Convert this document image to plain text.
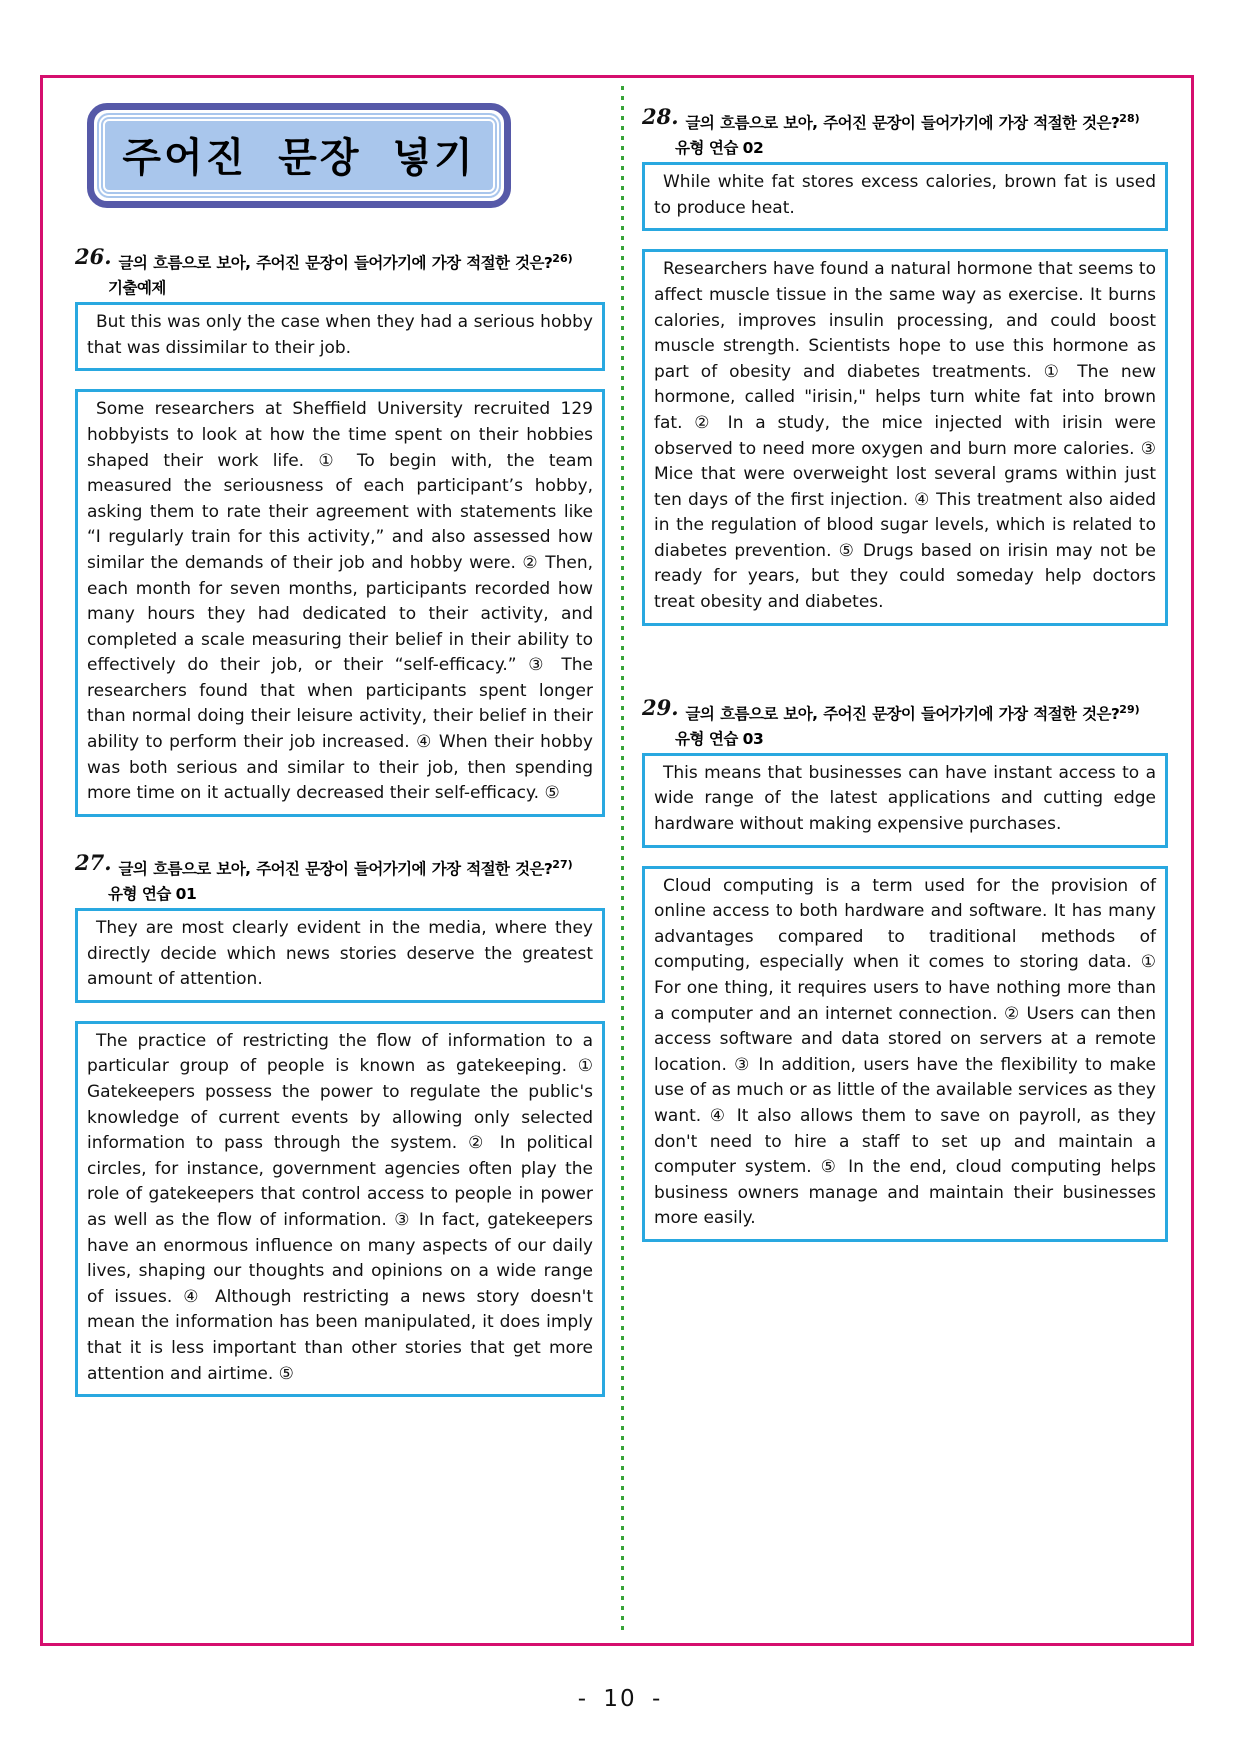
주어진 문장 넣기
26. 글의 흐름으로 보아, 주어진 문장이 들어가기에 가장 적절한 것은?$^{26)}$
기출예제

But this was only the case when they had a serious hobby that was dissimilar to their job.

Some researchers at Sheffield University recruited 129 hobbyists to look at how the time spent on their hobbies shaped their work life. ① To begin with, the team measured the seriousness of each participant’s hobby, asking them to rate their agreement with statements like “I regularly train for this activity,” and also assessed how similar the demands of their job and hobby were. ② Then, each month for seven months, participants recorded how many hours they had dedicated to their activity, and completed a scale measuring their belief in their ability to effectively do their job, or their “self-efficacy.” ③ The researchers found that when participants spent longer than normal doing their leisure activity, their belief in their ability to perform their job increased. ④ When their hobby was both serious and similar to their job, then spending more time on it actually decreased their self-efficacy. ⑤

27. 글의 흐름으로 보아, 주어진 문장이 들어가기에 가장 적절한 것은?$^{27)}$
유형 연습 01

They are most clearly evident in the media, where they directly decide which news stories deserve the greatest amount of attention.

The practice of restricting the flow of information to a particular group of people is known as gatekeeping. ① Gatekeepers possess the power to regulate the public's knowledge of current events by allowing only selected information to pass through the system. ② In political circles, for instance, government agencies often play the role of gatekeepers that control access to people in power as well as the flow of information. ③ In fact, gatekeepers have an enormous influence on many aspects of our daily lives, shaping our thoughts and opinions on a wide range of issues. ④ Although restricting a news story doesn't mean the information has been manipulated, it does imply that it is less important than other stories that get more attention and airtime. ⑤

28. 글의 흐름으로 보아, 주어진 문장이 들어가기에 가장 적절한 것은?$^{28)}$
유형 연습 02

While white fat stores excess calories, brown fat is used to produce heat.

Researchers have found a natural hormone that seems to affect muscle tissue in the same way as exercise. It burns calories, improves insulin processing, and could boost muscle strength. Scientists hope to use this hormone as part of obesity and diabetes treatments. ① The new hormone, called "irisin," helps turn white fat into brown fat. ② In a study, the mice injected with irisin were observed to need more oxygen and burn more calories. ③ Mice that were overweight lost several grams within just ten days of the first injection. ④ This treatment also aided in the regulation of blood sugar levels, which is related to diabetes prevention. ⑤ Drugs based on irisin may not be ready for years, but they could someday help doctors treat obesity and diabetes.

29. 글의 흐름으로 보아, 주어진 문장이 들어가기에 가장 적절한 것은?$^{29)}$
유형 연습 03

This means that businesses can have instant access to a wide range of the latest applications and cutting edge hardware without making expensive purchases.

Cloud computing is a term used for the provision of online access to both hardware and software. It has many advantages compared to traditional methods of computing, especially when it comes to storing data. ① For one thing, it requires users to have nothing more than a computer and an internet connection. ② Users can then access software and data stored on servers at a remote location. ③ In addition, users have the flexibility to make use of as much or as little of the available services as they want. ④ It also allows them to save on payroll, as they don't need to hire a staff to set up and maintain a computer system. ⑤ In the end, cloud computing helps business owners manage and maintain their businesses more easily.

- 10 -
